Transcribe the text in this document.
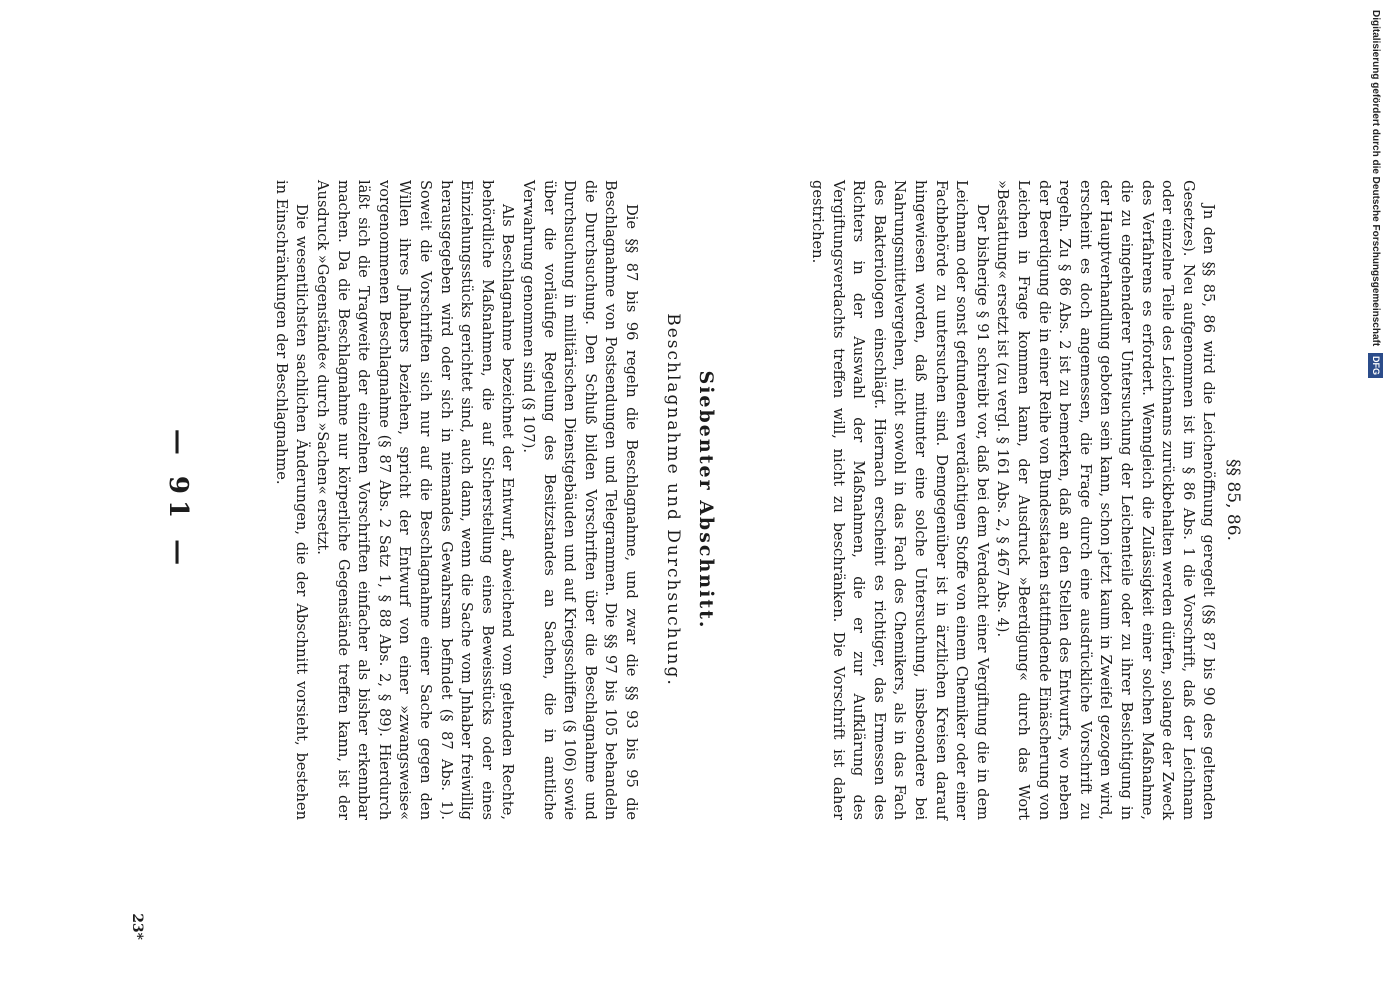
— 91 —	§§ 85, 86.

Jn den §§ 85, 86 wird die Leichenöffnung geregelt (§§ 87 bis 90 des geltenden Gesetzes). Neu aufgenommen ist im § 86 Abs. 1 die Vorschrift, daß der Leichnam oder einzelne Teile des Leichnams zurückbehalten werden dürfen, solange der Zweck des Verfahrens es erfordert. Wenngleich die Zulässigkeit einer solchen Maßnahme, die zu eingehenderer Untersuchung der Leichenteile oder zu ihrer Besichtigung in der Hauptverhandlung geboten sein kann, schon jetzt kaum in Zweifel gezogen wird, erscheint es doch angemessen, die Frage durch eine ausdrückliche Vorschrift zu regeln. Zu § 86 Abs. 2 ist zu bemerken, daß an den Stellen des Entwurfs, wo neben der Beerdigung die in einer Reihe von Bundesstaaten stattfindende Einäscherung von Leichen in Frage kommen kann, der Ausdruck »Beerdigung« durch das Wort »Bestattung« ersetzt ist (zu vergl. § 161 Abs. 2, § 467 Abs. 4).

Der bisherige § 91 schreibt vor, daß bei dem Verdacht einer Vergiftung die in dem Leichnam oder sonst gefundenen verdächtigen Stoffe von einem Chemiker oder einer Fachbehörde zu untersuchen sind. Demgegenüber ist in ärztlichen Kreisen darauf hingewiesen worden, daß mitunter eine solche Untersuchung, insbesondere bei Nahrungsmittelvergehen, nicht sowohl in das Fach des Chemikers, als in das Fach des Bakteriologen einschlägt. Hiernach erscheint es richtiger, das Ermessen des Richters in der Auswahl der Maßnahmen, die er zur Aufklärung des Vergiftungsverdachts treffen will, nicht zu beschränken. Die Vorschrift ist daher gestrichen.

Siebenter Abschnitt.
Beschlagnahme und Durchsuchung.

Die §§ 87 bis 96 regeln die Beschlagnahme, und zwar die §§ 93 bis 95 die Beschlagnahme von Postsendungen und Telegrammen. Die §§ 97 bis 105 behandeln die Durchsuchung. Den Schluß bilden Vorschriften über die Beschlagnahme und Durchsuchung in militärischen Dienstgebäuden und auf Kriegsschiffen (§ 106) sowie über die vorläufige Regelung des Besitzstandes an Sachen, die in amtliche Verwahrung genommen sind (§ 107).

Als Beschlagnahme bezeichnet der Entwurf, abweichend vom geltenden Rechte, behördliche Maßnahmen, die auf Sicherstellung eines Beweisstücks oder eines Einziehungsstücks gerichtet sind, auch dann, wenn die Sache vom Jnhaber freiwillig herausgegeben wird oder sich in niemandes Gewahrsam befindet (§ 87 Abs. 1). Soweit die Vorschriften sich nur auf die Beschlagnahme einer Sache gegen den Willen ihres Jnhabers beziehen, spricht der Entwurf von einer »zwangsweise« vorgenommenen Beschlagnahme (§ 87 Abs. 2 Satz 1, § 88 Abs. 2, § 89). Hierdurch läßt sich die Tragweite der einzelnen Vorschriften einfacher als bisher erkennbar machen. Da die Beschlagnahme nur körperliche Gegenstände treffen kann, ist der Ausdruck »Gegenstände« durch »Sachen« ersetzt.

Die wesentlichsten sachlichen Änderungen, die der Abschnitt vorsieht, bestehen in Einschränkungen der Beschlagnahme.

23*
Digitalisierung gefördert durch die Deutsche Forschungsgemeinschaft DFG
